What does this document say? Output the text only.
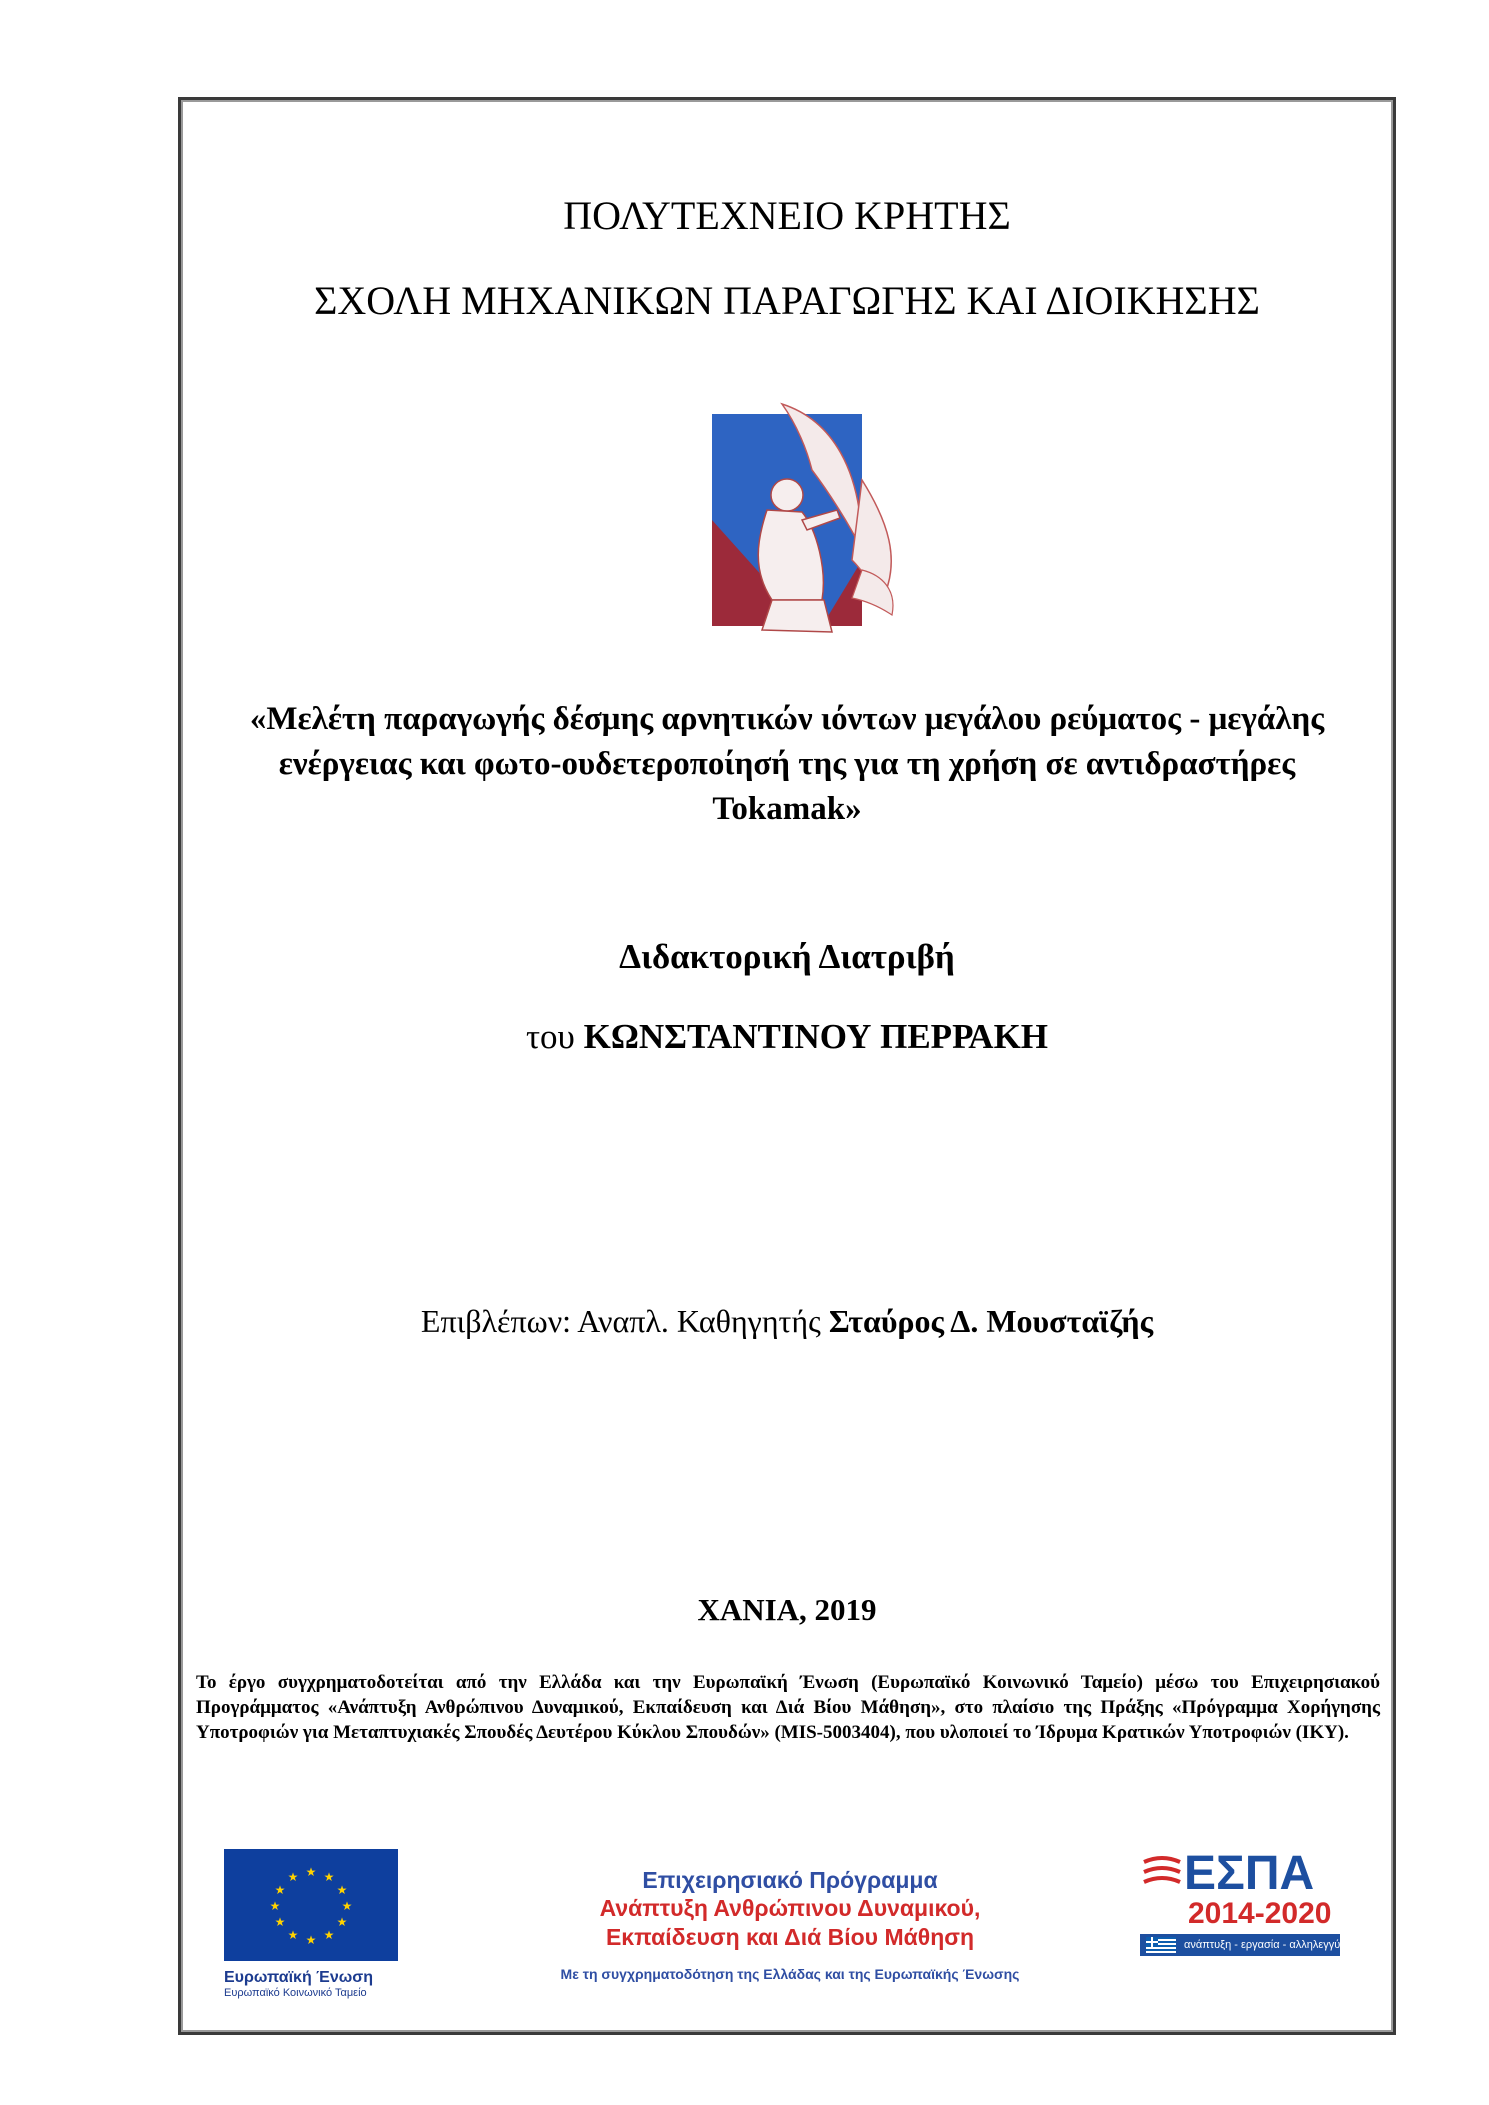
ΠΟΛΥΤΕΧΝΕΙΟ ΚΡΗΤΗΣ
ΣΧΟΛΗ ΜΗΧΑΝΙΚΩΝ ΠΑΡΑΓΩΓΗΣ ΚΑΙ ΔΙΟΙΚΗΣΗΣ
«Μελέτη παραγωγής δέσμης αρνητικών ιόντων μεγάλου ρεύματος - μεγάλης
ενέργειας και φωτο-ουδετεροποίησή της για τη χρήση σε αντιδραστήρες
Tokamak»
Διδακτορική Διατριβή
του ΚΩΝΣΤΑΝΤΙΝΟΥ ΠΕΡΡΑΚΗ
Επιβλέπων: Αναπλ. Καθηγητής Σταύρος Δ. Μουσταϊζής
ΧΑΝΙΑ, 2019
Το έργο συγχρηματοδοτείται από την Ελλάδα και την Ευρωπαϊκή Ένωση (Ευρωπαϊκό Κοινωνικό Ταμείο) μέσω του Επιχειρησιακού Προγράμματος «Ανάπτυξη Ανθρώπινου Δυναμικού, Εκπαίδευση και Διά Βίου Μάθηση», στο πλαίσιο της Πράξης «Πρόγραμμα Χορήγησης Υποτροφιών για Μεταπτυχιακές Σπουδές Δευτέρου Κύκλου Σπουδών» (MIS-5003404), που υλοποιεί το Ίδρυμα Κρατικών Υποτροφιών (ΙΚΥ).
★ ★
★
★
★
★
★
★
★
★
★
★
Ευρωπαϊκή Ένωση
Ευρωπαϊκό Κοινωνικό Ταμείο
Επιχειρησιακό Πρόγραμμα
Ανάπτυξη Ανθρώπινου Δυναμικού,
Εκπαίδευση και Διά Βίου Μάθηση
Με τη συγχρηματοδότηση της Ελλάδας και της Ευρωπαϊκής Ένωσης
ΕΣΠΑ
2014-2020
ανάπτυξη - εργασία - αλληλεγγύη
